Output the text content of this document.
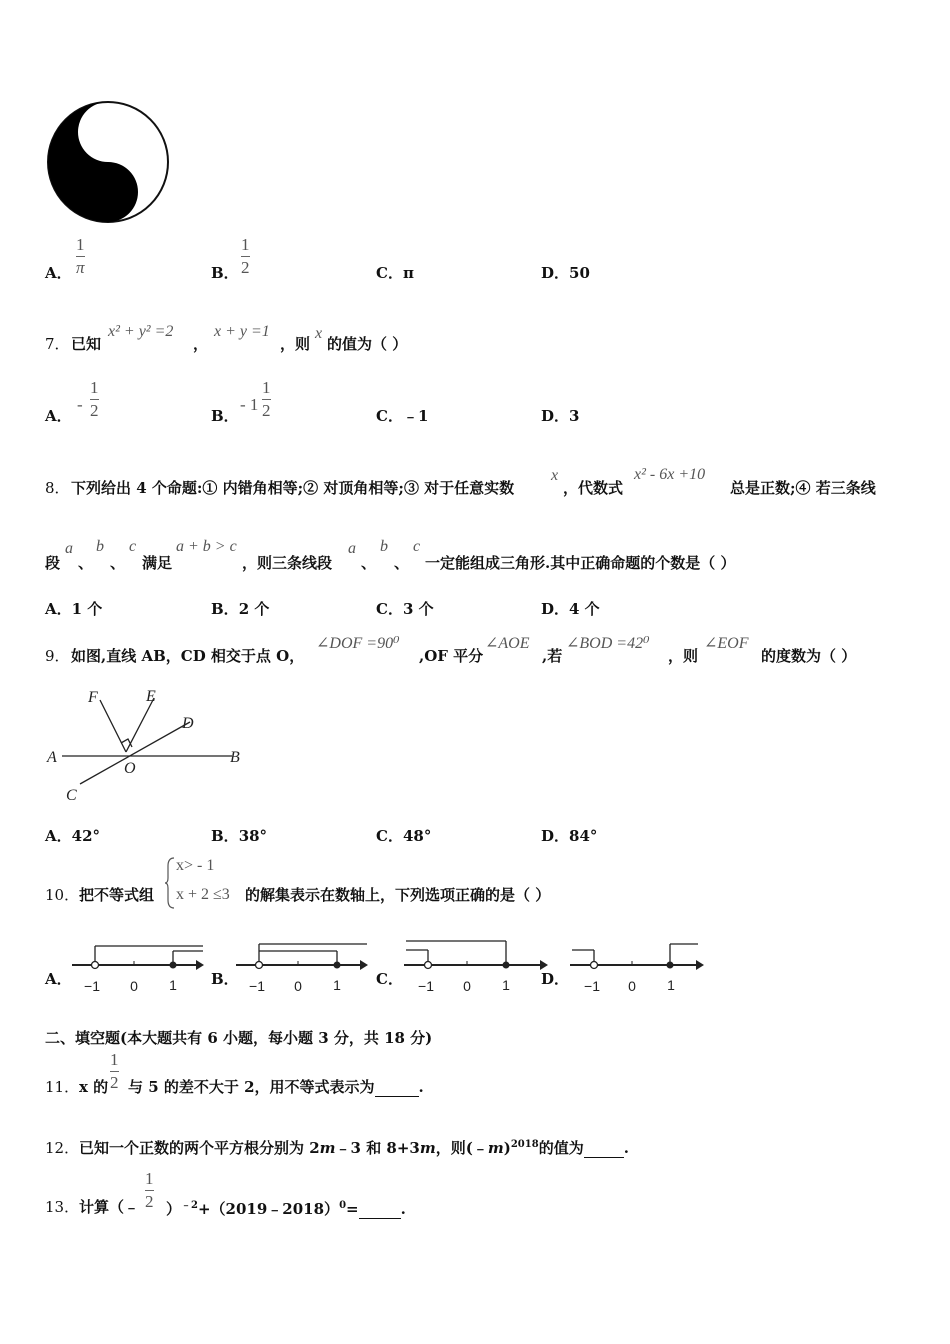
A．
1
π	B．
1
2	C．π	D．50
7． 已知
x² + y² =2
，
x + y =1
，则
x
的值为（ ）
A．
-
1
2	B．
- 1
1
2	C．﹣1	D．3
8． 下列给出 4 个命题:① 内错角相等;② 对顶角相等;③ 对于任意实数
x
，代数式
x² - 6x +10
总是正数;④ 若三条线
段
a
、
b
、
c
满足
a + b > c
，则三条线段
a
、
b
、
c
一定能组成三角形.其中正确命题的个数是（ ）
A．1 个	B．2 个	C．3 个	D．4 个
9． 如图,直线 AB，CD 相交于点 O，
∠DOF =90⁰
,OF 平分
∠AOE
,若
∠BOD =42⁰
，则
∠EOF
的度数为（ ）
F	E
D
A
O
B
C
A．42°	B．38°	C．48°	D．84°
10． 把不等式组
x> - 1
x + 2 ≤3 的解集表示在数轴上，下列选项正确的是（ ）
A． −1 0 1 B． −1 0 1 C． −1 0 1 D． −1 0 1
二、填空题(本大题共有 6 小题，每小题 3 分，共 18 分)
11． x 的
1
2 与 5 的差不大于 2，用不等式表示为	.
12． 已知一个正数的两个平方根分别为 2m﹣3 和 8+3m，则(﹣m)$^{2018}$的值为	.
13． 计算（﹣
1
2 ）$^{﹣2}$+（2019﹣2018）$^0$=	.
